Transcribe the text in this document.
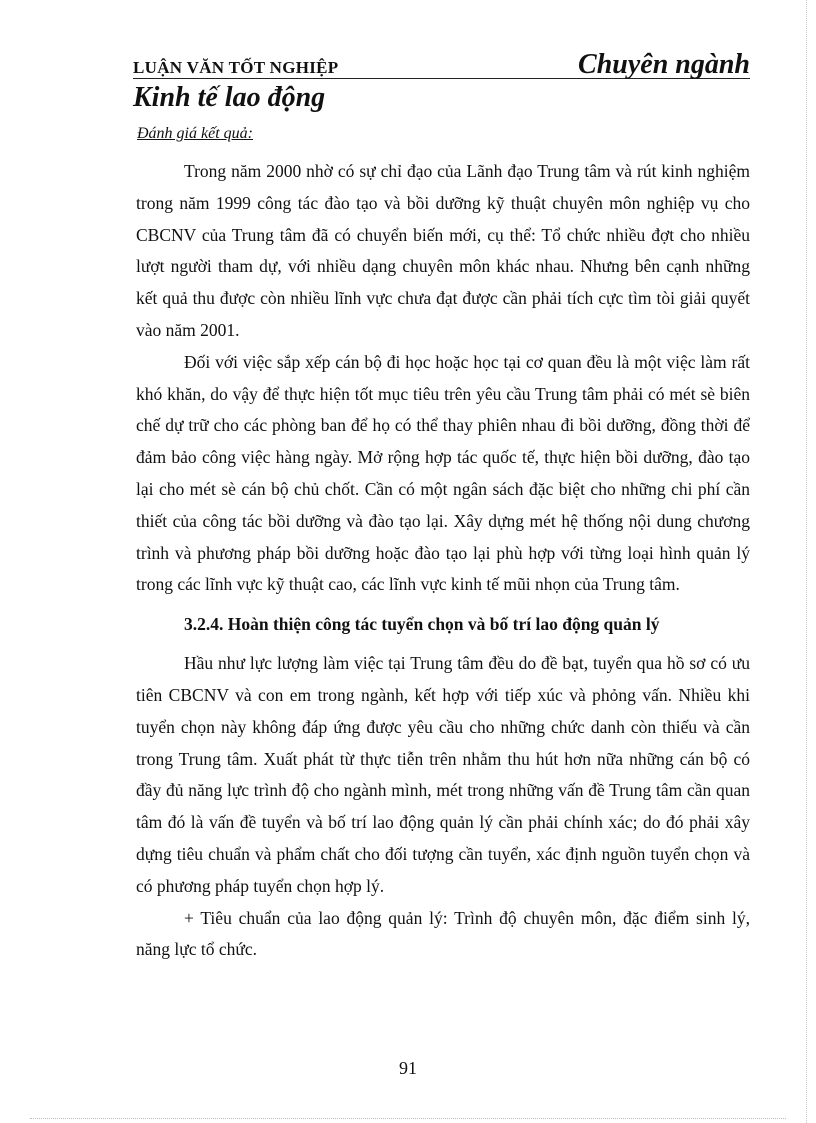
LUẬN VĂN TỐT NGHIỆP	Chuyên ngành
Kinh tế lao động
Đánh giá kết quả:

Trong năm 2000 nhờ có sự chỉ đạo của Lãnh đạo Trung tâm và rút kinh nghiệm trong năm 1999 công tác đào tạo và bồi dưỡng kỹ thuật chuyên môn nghiệp vụ cho CBCNV của Trung tâm đã có chuyển biến mới, cụ thể: Tổ chức nhiều đợt cho nhiều lượt người tham dự, với nhiều dạng chuyên môn khác nhau. Nhưng bên cạnh những kết quả thu được còn nhiều lĩnh vực chưa đạt được cần phải tích cực tìm tòi giải quyết vào năm 2001.

Đối với việc sắp xếp cán bộ đi học hoặc học tại cơ quan đều là một việc làm rất khó khăn, do vậy để thực hiện tốt mục tiêu trên yêu cầu Trung tâm phải có mét sè biên chế dự trữ cho các phòng ban để họ có thể thay phiên nhau đi bồi dưỡng, đồng thời để đảm bảo công việc hàng ngày. Mở rộng hợp tác quốc tế, thực hiện bồi dưỡng, đào tạo lại cho mét sè cán bộ chủ chốt. Cần có một ngân sách đặc biệt cho những chi phí cần thiết của công tác bồi dưỡng và đào tạo lại. Xây dựng mét hệ thống nội dung chương trình và phương pháp bồi dưỡng hoặc đào tạo lại phù hợp với từng loại hình quản lý trong các lĩnh vực kỹ thuật cao, các lĩnh vực kinh tế mũi nhọn của Trung tâm.

3.2.4. Hoàn thiện công tác tuyển chọn và bố trí lao động quản lý

Hầu như lực lượng làm việc tại Trung tâm đều do đề bạt, tuyển qua hồ sơ có ưu tiên CBCNV và con em trong ngành, kết hợp với tiếp xúc và phỏng vấn. Nhiều khi tuyển chọn này không đáp ứng được yêu cầu cho những chức danh còn thiếu và cần trong Trung tâm. Xuất phát từ thực tiễn trên nhằm thu hút hơn nữa những cán bộ có đầy đủ năng lực trình độ cho ngành mình, mét trong những vấn đề Trung tâm cần quan tâm đó là vấn đề tuyển và bố trí lao động quản lý cần phải chính xác; do đó phải xây dựng tiêu chuẩn và phẩm chất cho đối tượng cần tuyển, xác định nguồn tuyển chọn và có phương pháp tuyển chọn hợp lý.

+ Tiêu chuẩn của lao động quản lý: Trình độ chuyên môn, đặc điểm sinh lý, năng lực tổ chức.

91
